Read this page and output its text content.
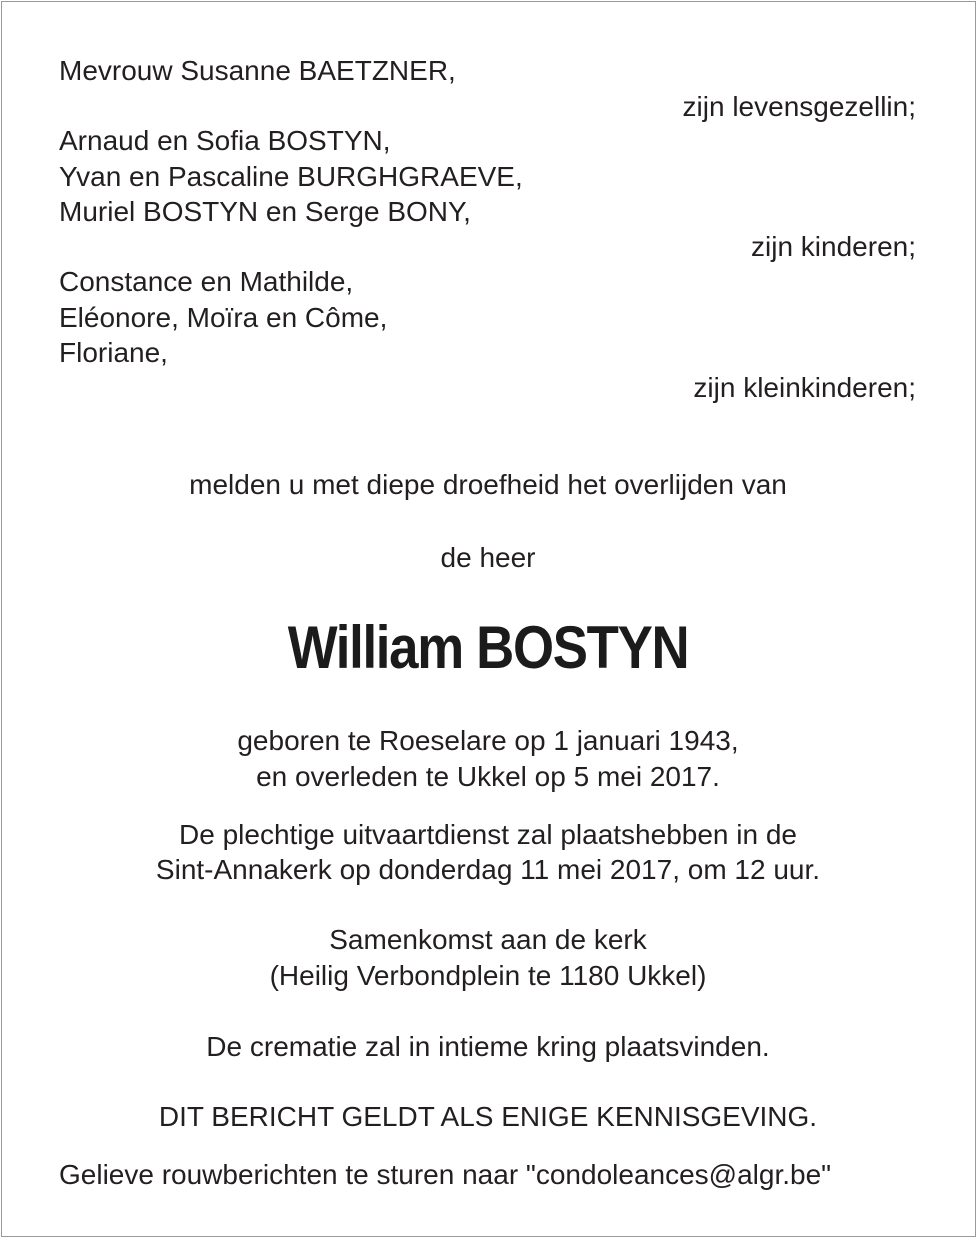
Mevrouw Susanne BAETZNER,
zijn levensgezellin;
Arnaud en Sofia BOSTYN,
Yvan en Pascaline BURGHGRAEVE,
Muriel BOSTYN en Serge BONY,
zijn kinderen;
Constance en Mathilde,
Eléonore, Moïra en Côme,
Floriane,
zijn kleinkinderen;
melden u met diepe droefheid het overlijden van
de heer
William BOSTYN
geboren te Roeselare op 1 januari 1943,
en overleden te Ukkel op 5 mei 2017.
De plechtige uitvaartdienst zal plaatshebben in de
Sint-Annakerk op donderdag 11 mei 2017, om 12 uur.
Samenkomst aan de kerk
(Heilig Verbondplein te 1180 Ukkel)
De crematie zal in intieme kring plaatsvinden.
DIT BERICHT GELDT ALS ENIGE KENNISGEVING.
Gelieve rouwberichten te sturen naar "condoleances@algr.be"
